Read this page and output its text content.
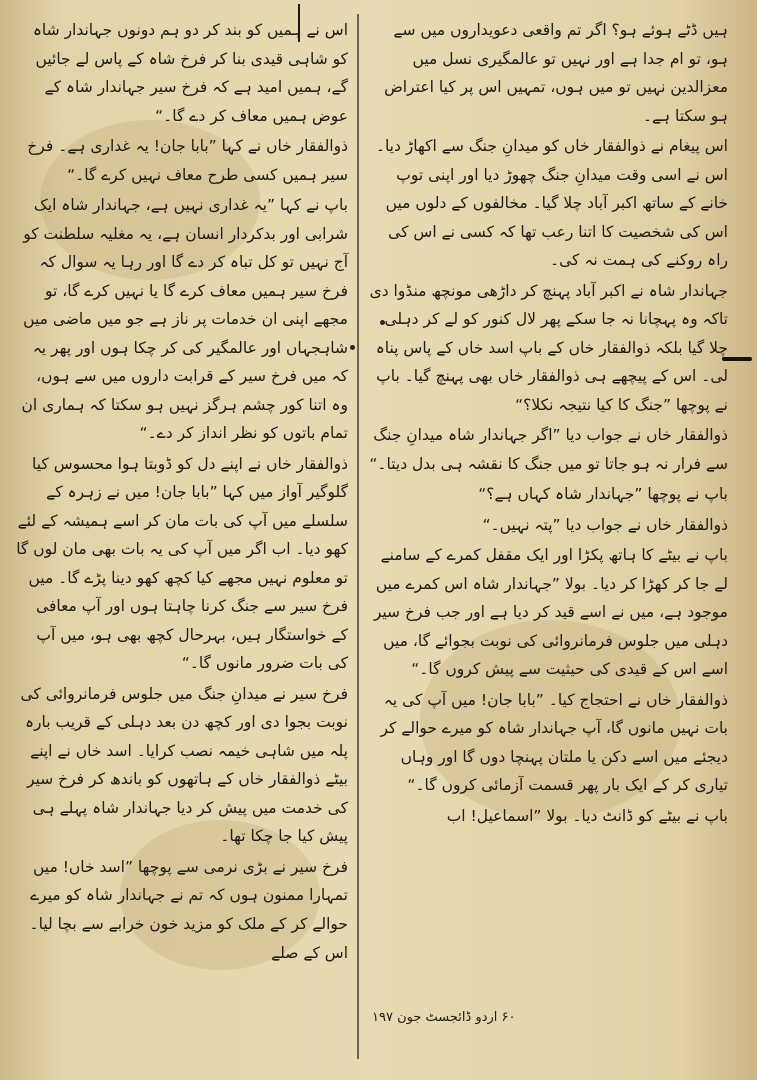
ہیں ڈٹے ہوئے ہو؟ اگر تم واقعی دعویداروں میں سے ہو، تو ام جدا ہے اور نہیں تو عالمگیری نسل میں معزالدین نہیں تو میں ہوں، تمہیں اس پر کیا اعتراض ہو سکتا ہے۔

اس پیغام نے ذوالفقار خاں کو میدانِ جنگ سے اکھاڑ دیا۔ اس نے اسی وقت میدانِ جنگ چھوڑ دیا اور اپنی توپ خانے کے ساتھ اکبر آباد چلا گیا۔ مخالفوں کے دلوں میں اس کی شخصیت کا اتنا رعب تھا کہ کسی نے اس کی راہ روکنے کی ہمت نہ کی۔

جہاندار شاہ نے اکبر آباد پہنچ کر داڑھی مونچھ منڈوا دی تاکہ وہ پہچانا نہ جا سکے پھر لال کنور کو لے کر دہلی چلا گیا بلکہ ذوالفقار خاں کے باپ اسد خاں کے پاس پناہ لی۔ اس کے پیچھے ہی ذوالفقار خاں بھی پہنچ گیا۔ باپ نے پوچھا ”جنگ کا کیا نتیجہ نکلا؟“

ذوالفقار خاں نے جواب دیا ”اگر جہاندار شاہ میدانِ جنگ سے فرار نہ ہو جاتا تو میں جنگ کا نقشہ ہی بدل دیتا۔“

باپ نے پوچھا ”جہاندار شاہ کہاں ہے؟“

ذوالفقار خاں نے جواب دیا ”پتہ نہیں۔“

باپ نے بیٹے کا ہاتھ پکڑا اور ایک مقفل کمرے کے سامنے لے جا کر کھڑا کر دیا۔ بولا ”جہاندار شاہ اس کمرے میں موجود ہے، میں نے اسے قید کر دیا ہے اور جب فرخ سیر دہلی میں جلوس فرمانروائی کی نوبت بجوائے گا، میں اسے اس کے قیدی کی حیثیت سے پیش کروں گا۔“

ذوالفقار خاں نے احتجاج کیا۔ ”بابا جان! میں آپ کی یہ بات نہیں مانوں گا، آپ جہاندار شاہ کو میرے حوالے کر دیجئے میں اسے دکن یا ملتان پہنچا دوں گا اور وہاں تیاری کر کے ایک بار پھر قسمت آزمائی کروں گا۔“

باپ نے بیٹے کو ڈانٹ دیا۔ بولا ”اسماعیل! اب

اس نے ہمیں کو بند کر دو ہم دونوں جہاندار شاہ کو شاہی قیدی بنا کر فرخ شاہ کے پاس لے جائیں گے، ہمیں امید ہے کہ فرخ سیر جہاندار شاہ کے عوض ہمیں معاف کر دے گا۔“

ذوالفقار خاں نے کہا ”بابا جان! یہ غداری ہے۔ فرخ سیر ہمیں کسی طرح معاف نہیں کرے گا۔“

باپ نے کہا ”یہ غداری نہیں ہے، جہاندار شاہ ایک شرابی اور بدکردار انسان ہے، یہ مغلیہ سلطنت کو آج نہیں تو کل تباہ کر دے گا اور رہا یہ سوال کہ فرخ سیر ہمیں معاف کرے گا یا نہیں کرے گا، تو مجھے اپنی ان خدمات پر ناز ہے جو میں ماضی میں شاہجہاں اور عالمگیر کی کر چکا ہوں اور پھر یہ کہ میں فرخ سیر کے قرابت داروں میں سے ہوں، وہ اتنا کور چشم ہرگز نہیں ہو سکتا کہ ہماری ان تمام باتوں کو نظر انداز کر دے۔“

ذوالفقار خاں نے اپنے دل کو ڈوبتا ہوا محسوس کیا گلوگیر آواز میں کہا ”بابا جان! میں نے زہرہ کے سلسلے میں آپ کی بات مان کر اسے ہمیشہ کے لئے کھو دیا۔ اب اگر میں آپ کی یہ بات بھی مان لوں گا تو معلوم نہیں مجھے کیا کچھ کھو دینا پڑے گا۔ میں فرخ سیر سے جنگ کرنا چاہتا ہوں اور آپ معافی کے خواستگار ہیں، بہرحال کچھ بھی ہو، میں آپ کی بات ضرور مانوں گا۔“

فرخ سیر نے میدانِ جنگ میں جلوس فرمانروائی کی نوبت بجوا دی اور کچھ دن بعد دہلی کے قریب بارہ پلہ میں شاہی خیمہ نصب کرایا۔ اسد خاں نے اپنے بیٹے ذوالفقار خاں کے ہاتھوں کو باندھ کر فرخ سیر کی خدمت میں پیش کر دیا جہاندار شاہ پہلے ہی پیش کیا جا چکا تھا۔

فرخ سیر نے بڑی نرمی سے پوچھا ”اسد خاں! میں تمہارا ممنون ہوں کہ تم نے جہاندار شاہ کو میرے حوالے کر کے ملک کو مزید خون خرابے سے بچا لیا۔ اس کے صلے

۶۰ اردو ڈائجسٹ جون ۱۹۷
